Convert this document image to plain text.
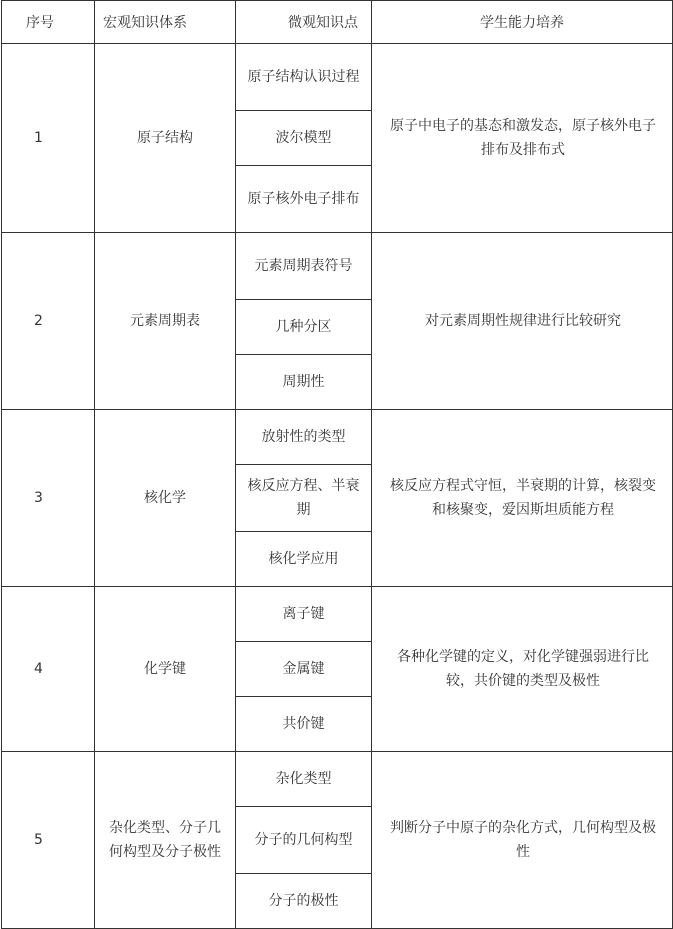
序号	宏观知识体系	微观知识点	学生能力培养
1	原子结构	原子结构认识过程	原子中电子的基态和激发态，原子核外电子排布及排布式
		波尔模型	
		原子核外电子排布	
2	元素周期表	元素周期表符号	对元素周期性规律进行比较研究
		几种分区	
		周期性	
3	核化学	放射性的类型	核反应方程式守恒，半衰期的计算，核裂变和核聚变，爱因斯坦质能方程
		核反应方程、半衰期	
		核化学应用	
4	化学键	离子键	各种化学键的定义，对化学键强弱进行比较，共价键的类型及极性
		金属键	
		共价键	
5	杂化类型、分子几何构型及分子极性	杂化类型	判断分子中原子的杂化方式，几何构型及极性
		分子的几何构型	
		分子的极性	
